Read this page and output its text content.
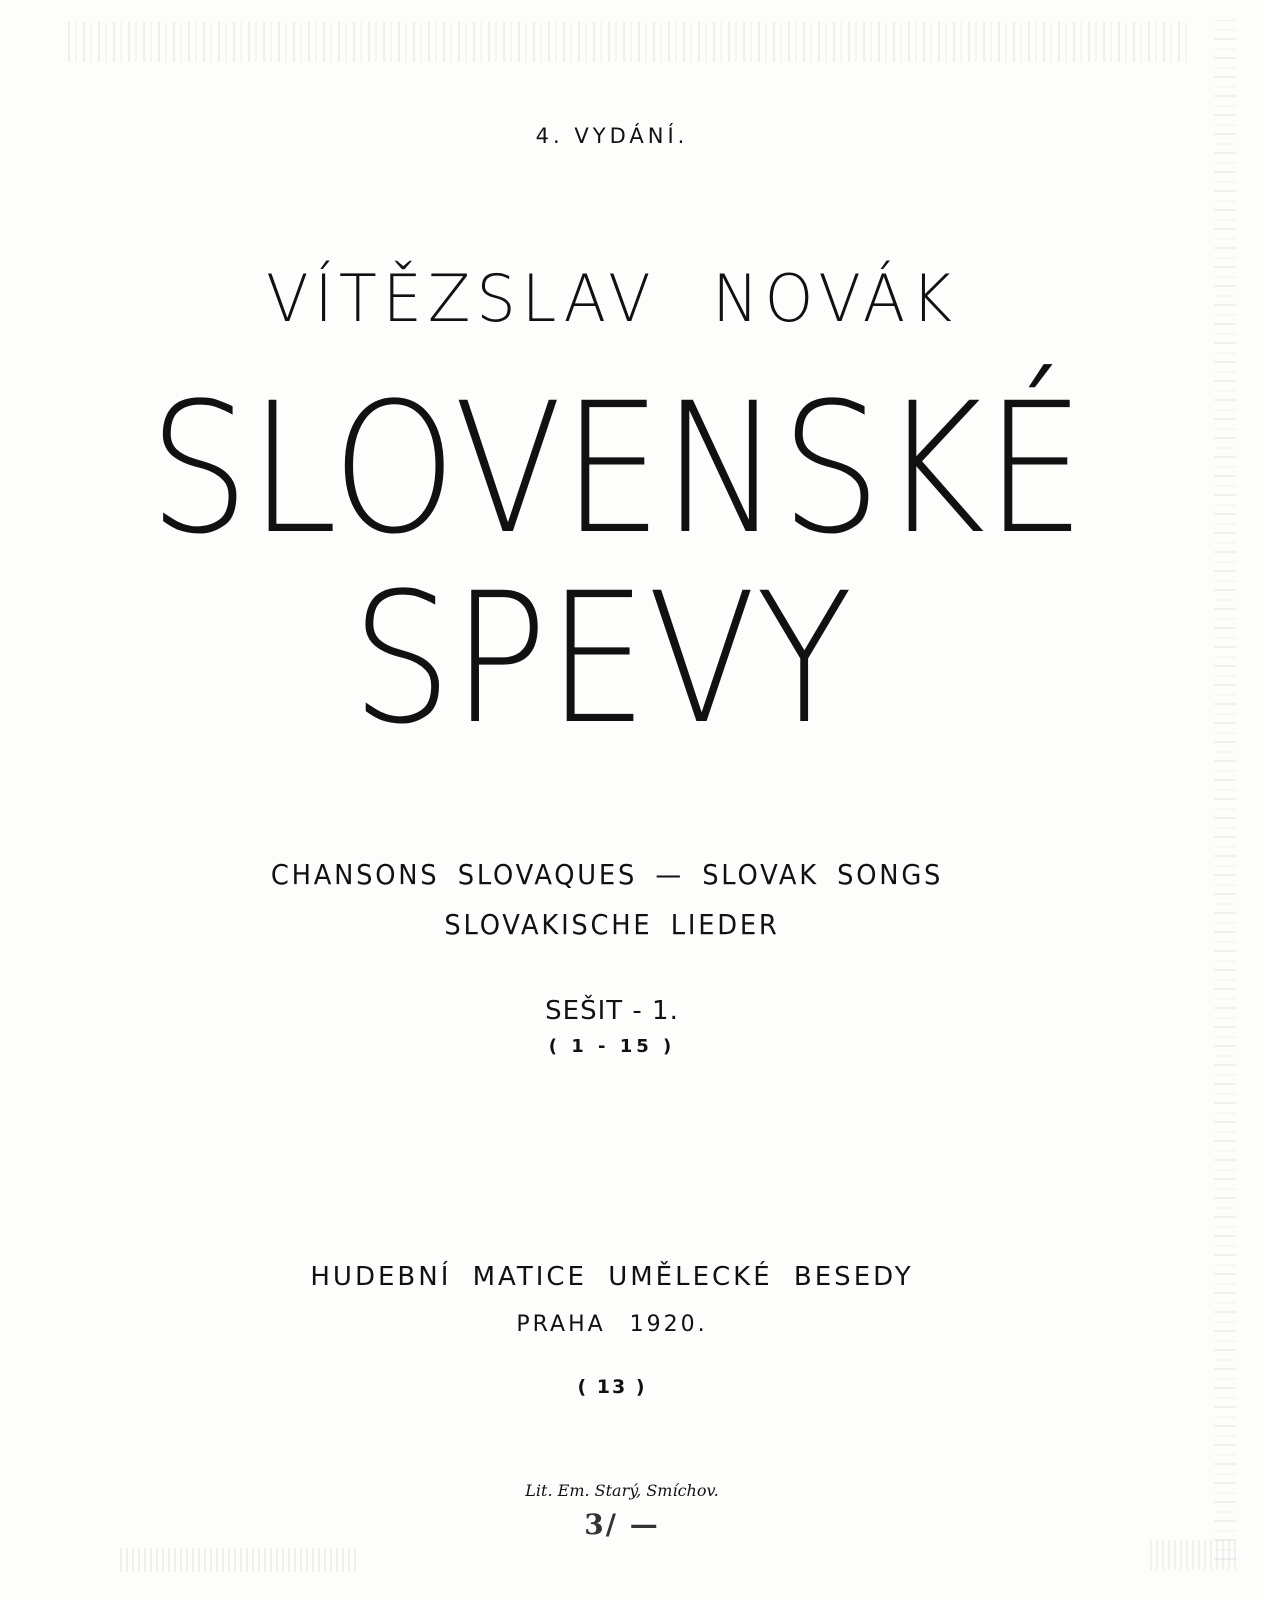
4. VYDÁNÍ.
VÍTĚZSLAV NOVÁK
SLOVENSKÉ
SPEVY
CHANSONS SLOVAQUES — SLOVAK SONGS
SLOVAKISCHE LIEDER
SEŠIT - 1.
( 1 - 15 )
HUDEBNÍ MATICE UMĚLECKÉ BESEDY
PRAHA 1920.
( 13 )
Lit. Em. Starý, Smíchov.
3/ —
